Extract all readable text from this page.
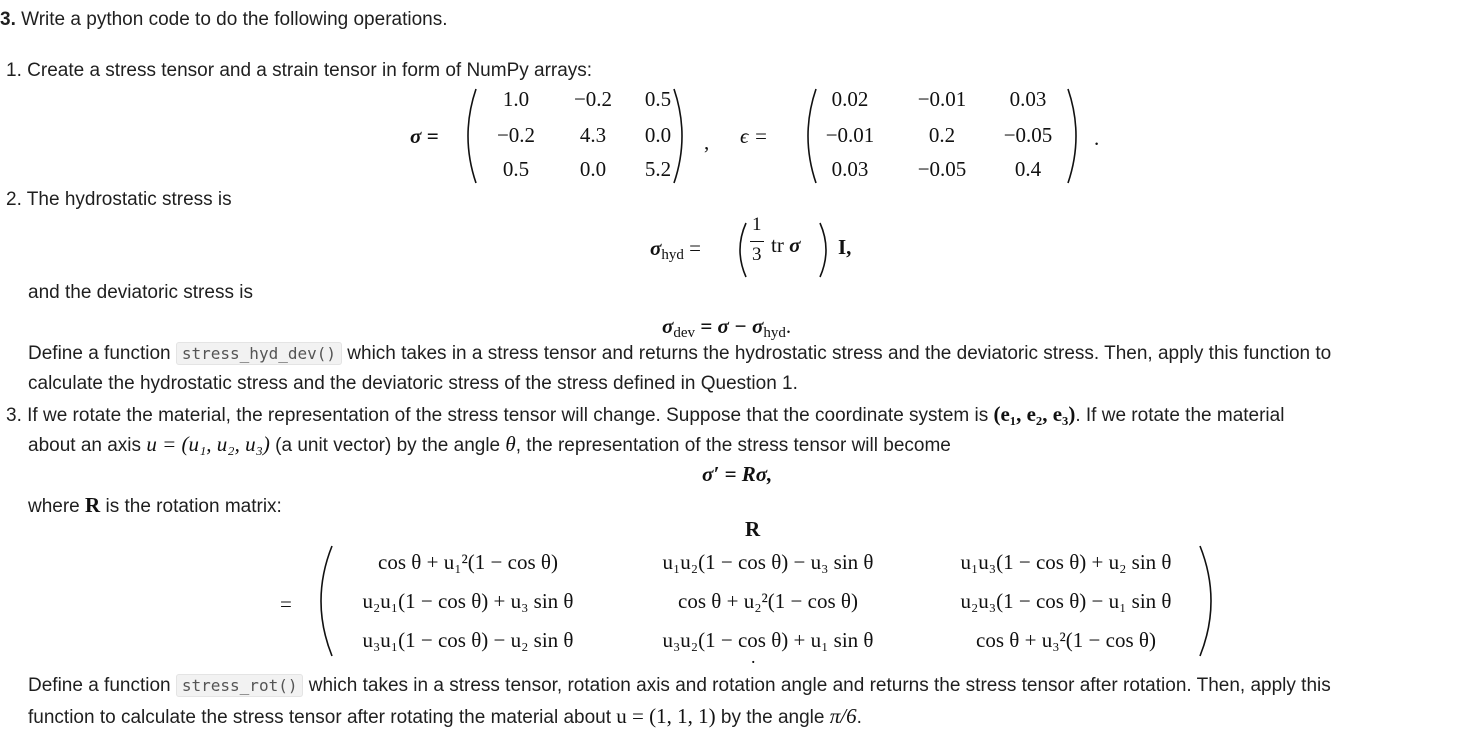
3. Write a python code to do the following operations.
1. Create a stress tensor and a strain tensor in form of NumPy arrays:
σ =
1.0 −0.2 0.5
−0.2 4.3 0.0
0.5 0.0 5.2
, ϵ =
0.02 −0.01 0.03
−0.01	0.2 −0.05
0.03 −0.05 0.4
.
2. The hydrostatic stress is
$\sigma_{hyd}$ =
1
3 tr σ I,
and the deviatoric stress is
$\sigma_{dev} = \sigma - \sigma_{hyd}$.
Define a function stress_hyd_dev() which takes in a stress tensor and returns the hydrostatic stress and the deviatoric stress. Then, apply this function to
calculate the hydrostatic stress and the deviatoric stress of the stress defined in Question 1.
3. If we rotate the material, the representation of the stress tensor will change. Suppose that the coordinate system is (e₁, e₂, e₃). If we rotate the material
about an axis u = (u₁, u₂, u₃) (a unit vector) by the angle θ, the representation of the stress tensor will become
σ′ = Rσ,
where R is the rotation matrix:
R
=
cos θ + u₁²(1 − cos θ)	u₁u₂(1 − cos θ) − u₃ sin θ	u₁u₃(1 − cos θ) + u₂ sin θ
u₂u₁(1 − cos θ) + u₃ sin θ	cos θ + u₂²(1 − cos θ)	u₂u₃(1 − cos θ) − u₁ sin θ
u₃u₁(1 − cos θ) − u₂ sin θ	u₃u₂(1 − cos θ) + u₁ sin θ	cos θ + u₃²(1 − cos θ)
.
Define a function stress_rot() which takes in a stress tensor, rotation axis and rotation angle and returns the stress tensor after rotation. Then, apply this
function to calculate the stress tensor after rotating the material about u = (1, 1, 1) by the angle π/6.
